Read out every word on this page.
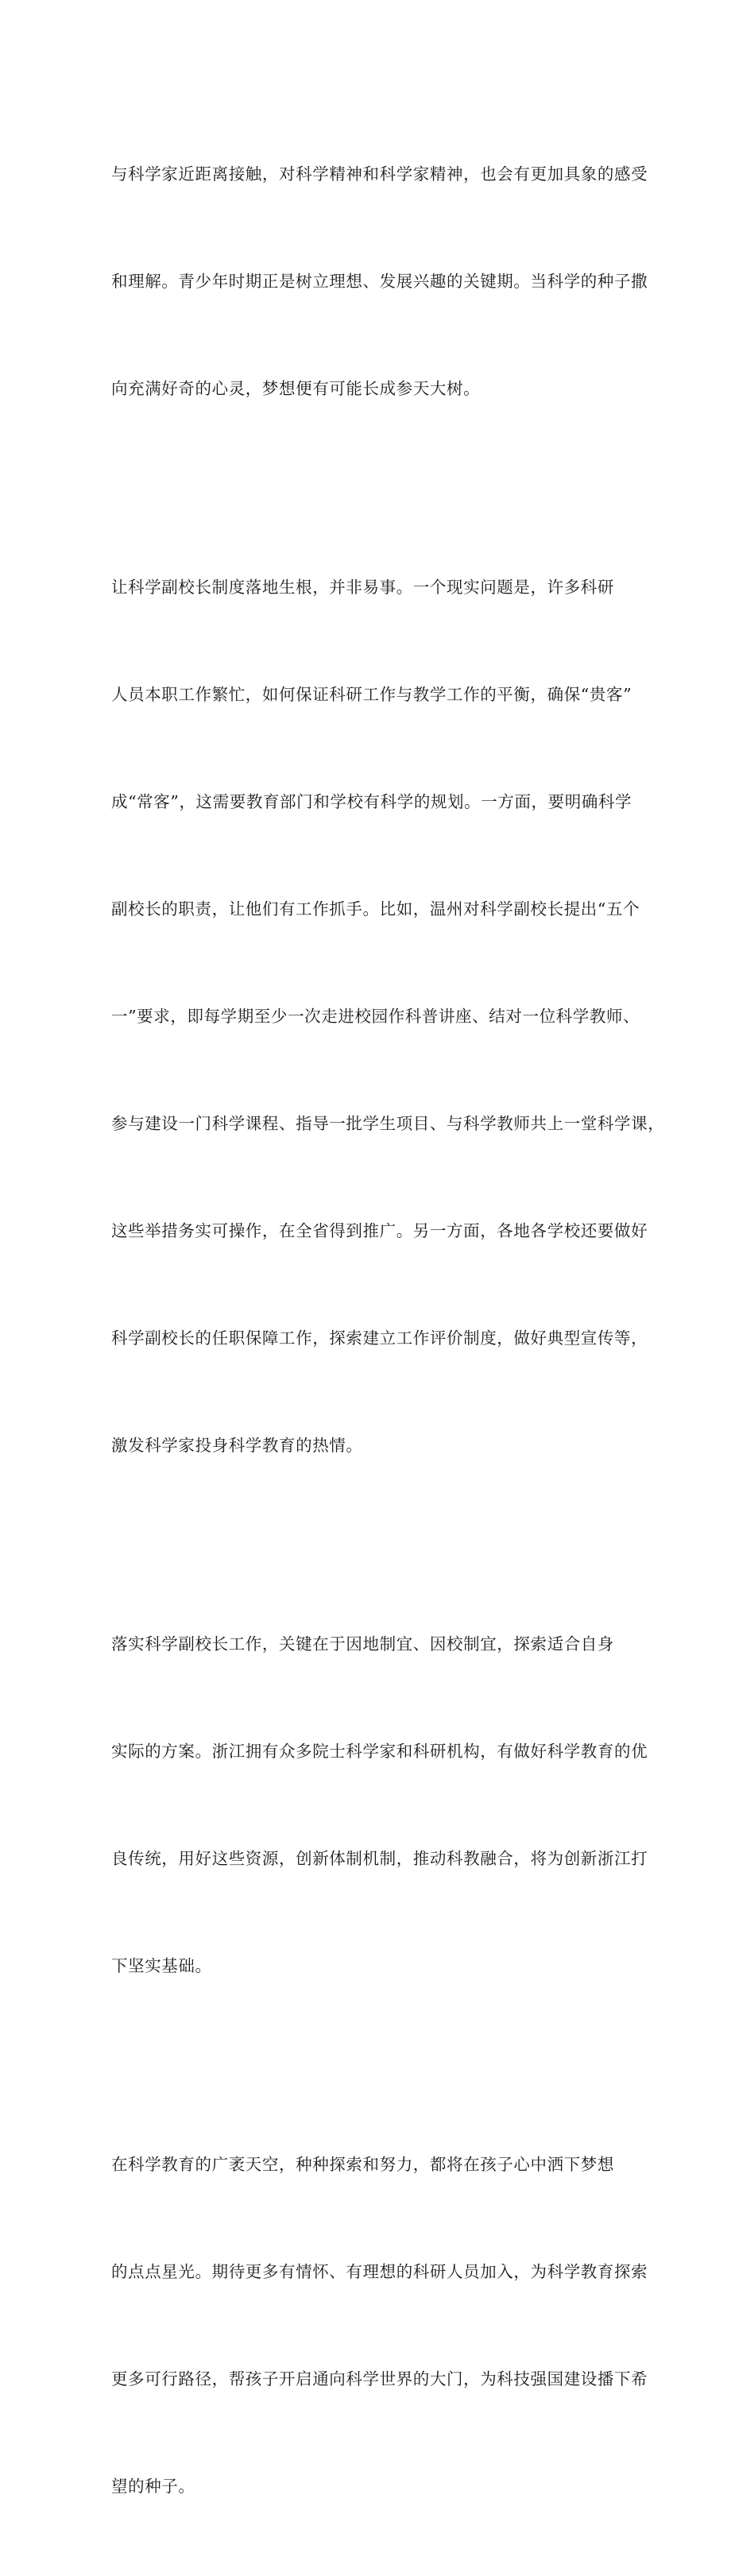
与科学家近距离接触，对科学精神和科学家精神，也会有更加具象的感受

和理解。青少年时期正是树立理想、发展兴趣的关键期。当科学的种子撒

向充满好奇的心灵，梦想便有可能长成参天大树。

让科学副校长制度落地生根，并非易事。一个现实问题是，许多科研

人员本职工作繁忙，如何保证科研工作与教学工作的平衡，确保“贵客”

成“常客”，这需要教育部门和学校有科学的规划。一方面，要明确科学

副校长的职责，让他们有工作抓手。比如，温州对科学副校长提出“五个

一”要求，即每学期至少一次走进校园作科普讲座、结对一位科学教师、

参与建设一门科学课程、指导一批学生项目、与科学教师共上一堂科学课，

这些举措务实可操作，在全省得到推广。另一方面，各地各学校还要做好

科学副校长的任职保障工作，探索建立工作评价制度，做好典型宣传等，

激发科学家投身科学教育的热情。

落实科学副校长工作，关键在于因地制宜、因校制宜，探索适合自身

实际的方案。浙江拥有众多院士科学家和科研机构，有做好科学教育的优

良传统，用好这些资源，创新体制机制，推动科教融合，将为创新浙江打

下坚实基础。

在科学教育的广袤天空，种种探索和努力，都将在孩子心中洒下梦想

的点点星光。期待更多有情怀、有理想的科研人员加入，为科学教育探索

更多可行路径，帮孩子开启通向科学世界的大门，为科技强国建设播下希

望的种子。
